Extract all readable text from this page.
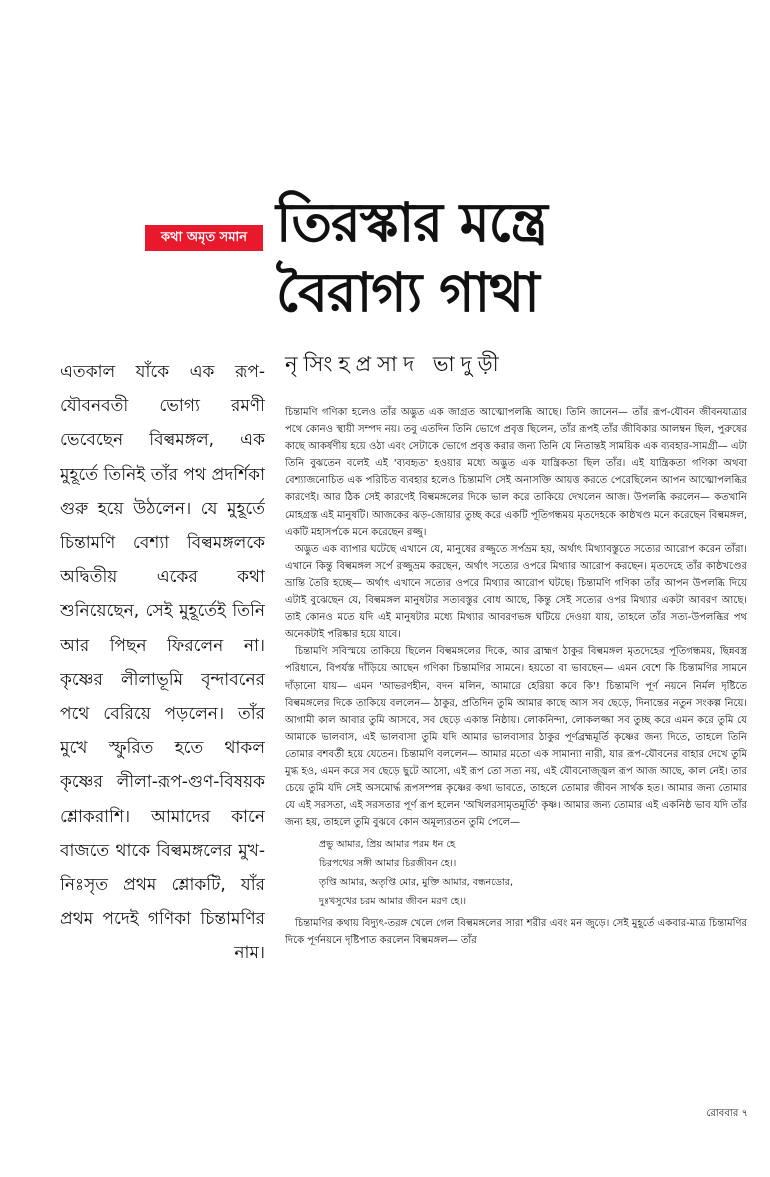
কথা অমৃত সমান তিরস্কার মন্ত্রে
বৈরাগ্য গাথা
নৃসিংহপ্রসাদ ভাদুড়ী

এতকাল যাঁকে এক রূপ-যৌবনবতী ভোগ্য রমণী ভেবেছেন বিল্বমঙ্গল, এক মুহূর্তে তিনিই তাঁর পথ প্রদর্শিকা গুরু হয়ে উঠলেন। যে মুহূর্তে চিন্তামণি বেশ্যা বিল্বমঙ্গলকে অদ্বিতীয় একের কথা শুনিয়েছেন, সেই মুহূর্তেই তিনি আর পিছন ফিরলেন না। কৃষ্ণের লীলাভূমি বৃন্দাবনের পথে বেরিয়ে পড়লেন। তাঁর মুখে স্ফুরিত হতে থাকল কৃষ্ণের লীলা-রূপ-গুণ-বিষয়ক শ্লোকরাশি। আমাদের কানে বাজতে থাকে বিল্বমঙ্গলের মুখ-নিঃসৃত প্রথম শ্লোকটি, যাঁর প্রথম পদেই গণিকা চিন্তামণির নাম।

চিন্তামণি গণিকা হলেও তাঁর অদ্ভুত এক জাগ্রত আত্মোপলব্ধি আছে। তিনি জানেন— তাঁর রূপ-যৌবন জীবনযাত্রার পথে কোনও স্থায়ী সম্পদ নয়। তবু এতদিন তিনি ভোগে প্রবৃত্ত ছিলেন, তাঁর রূপই তাঁর জীবিকার আলম্বন ছিল, পুরুষের কাছে আকর্ষণীয় হয়ে ওঠা এবং সেটাকে ভোগে প্রবৃত্ত করার জন্য তিনি যে নিতান্তই সাময়িক এক ব্যবহার-সামগ্রী— এটা তিনি বুঝতেন বলেই এই 'ব্যবহৃত' হওয়ার মধ্যে অদ্ভুত এক যান্ত্রিকতা ছিল তাঁর। এই যান্ত্রিকতা গণিকা অথবা বেশ্যাজনোচিত এক পরিচিত ব্যবহার হলেও চিন্তামণি সেই অনাসক্তি আয়ত্ত করতে পেরেছিলেন আপন আত্মোপলব্ধির কারণেই। আর ঠিক সেই কারণেই বিল্বমঙ্গলের দিকে ভাল করে তাকিয়ে দেখলেন আজ। উপলব্ধি করলেন— কতখানি মোহগ্রস্ত এই মানুষটি। আজকের ঝড়-জোয়ার তুচ্ছ করে একটি পূতিগন্ধময় মৃতদেহকে কাষ্ঠখণ্ড মনে করেছেন বিল্বমঙ্গল, একটি মহাসর্পকে মনে করেছেন রজ্জু।

অদ্ভুত এক ব্যাপার ঘটেছে এখানে যে, মানুষের রজ্জুতে সর্পভ্রম হয়, অর্থাৎ মিথ্যাবস্তুতে সত্যের আরোপ করেন তাঁরা। এখানে কিন্তু বিল্বমঙ্গল সর্পে রজ্জুভ্রম করছেন, অর্থাৎ সত্যের ওপরে মিথ্যার আরোপ করছেন। মৃতদেহে তাঁর কাষ্ঠখণ্ডের ভ্রান্তি তৈরি হচ্ছে— অর্থাৎ এখানে সত্যের ওপরে মিথ্যার আরোপ ঘটছে। চিন্তামণি গণিকা তাঁর আপন উপলব্ধি দিয়ে এটাই বুঝেছেন যে, বিল্বমঙ্গল মানুষটার সত্যবস্তুর বোধ আছে, কিন্তু সেই সত্যের ওপর মিথ্যার একটা আবরণ আছে। তাই কোনও মতে যদি এই মানুষটার মধ্যে মিথ্যার আবরণভঙ্গ ঘটিয়ে দেওয়া যায়, তাহলে তাঁর সত্য-উপলব্ধির পথ অনেকটাই পরিষ্কার হয়ে যাবে।

চিন্তামণি সবিস্ময়ে তাকিয়ে ছিলেন বিল্বমঙ্গলের দিকে, আর ব্রাহ্মণ ঠাকুর বিল্বমঙ্গল মৃতদেহের পূতিগন্ধময়, ছিন্নবস্ত্র পরিধানে, বিপর্যস্ত দাঁড়িয়ে আছেন গণিকা চিন্তামণির সামনে। হয়তো বা ভাবছেন— এমন বেশে কি চিন্তামণির সামনে দাঁড়ানো যায়— এমন 'আভরণহীন, বদন মলিন, আমারে হেরিয়া কবে কি'! চিন্তামণি পূর্ণ নয়নে নির্মল দৃষ্টিতে বিল্বমঙ্গলের দিকে তাকিয়ে বললেন— ঠাকুর, প্রতিদিন তুমি আমার কাছে আস সব ছেড়ে, দিনান্তের নতুন সংকল্প নিয়ে। আগামী কাল আবার তুমি আসবে, সব ছেড়ে একান্ত নিষ্ঠায়। লোকনিন্দা, লোকলজ্জা সব তুচ্ছ করে এমন করে তুমি যে আমাকে ভালবাস, এই ভালবাসা তুমি যদি আমার ভালবাসার ঠাকুর পূর্ণব্রহ্মমূর্তি কৃষ্ণের জন্য দিতে, তাহলে তিনি তোমার বশবর্তী হয়ে যেতেন। চিন্তামণি বললেন— আমার মতো এক সামান্যা নারী, যার রূপ-যৌবনের বাহার দেখে তুমি মুগ্ধ হও, এমন করে সব ছেড়ে ছুটে আসো, এই রূপ তো সত্য নয়, এই যৌবনোজ্জ্বল রূপ আজ আছে, কাল নেই। তার চেয়ে তুমি যদি সেই অসমোর্দ্ধ রূপসম্পন্ন কৃষ্ণের কথা ভাবতে, তাহলে তোমার জীবন সার্থক হত। আমার জন্য তোমার যে এই সরসতা, এই সরসতার পূর্ণ রূপ হলেন 'অখিলরসামৃতমূর্তি' কৃষ্ণ। আমার জন্য তোমার এই একনিষ্ঠ ভাব যদি তাঁর জন্য হয়, তাহলে তুমি বুঝবে কোন অমূল্যরতন তুমি পেলে—

প্রভু আমার, প্রিয় আমার পরম ধন হে
চিরপথের সঙ্গী আমার চিরজীবন হে।।
তৃপ্তি আমার, অতৃপ্তি মোর, মুক্তি আমার, বন্ধনডোর,
দুঃখসুখের চরম আমার জীবন মরণ হে।।

চিন্তামণির কথায় বিদ্যুৎ-তরঙ্গ খেলে গেল বিল্বমঙ্গলের সারা শরীর এবং মন জুড়ে। সেই মুহূর্তে একবার-মাত্র চিন্তামণির দিকে পূর্ণনয়নে দৃষ্টিপাত করলেন বিল্বমঙ্গল— তাঁর

রোববার ৭
